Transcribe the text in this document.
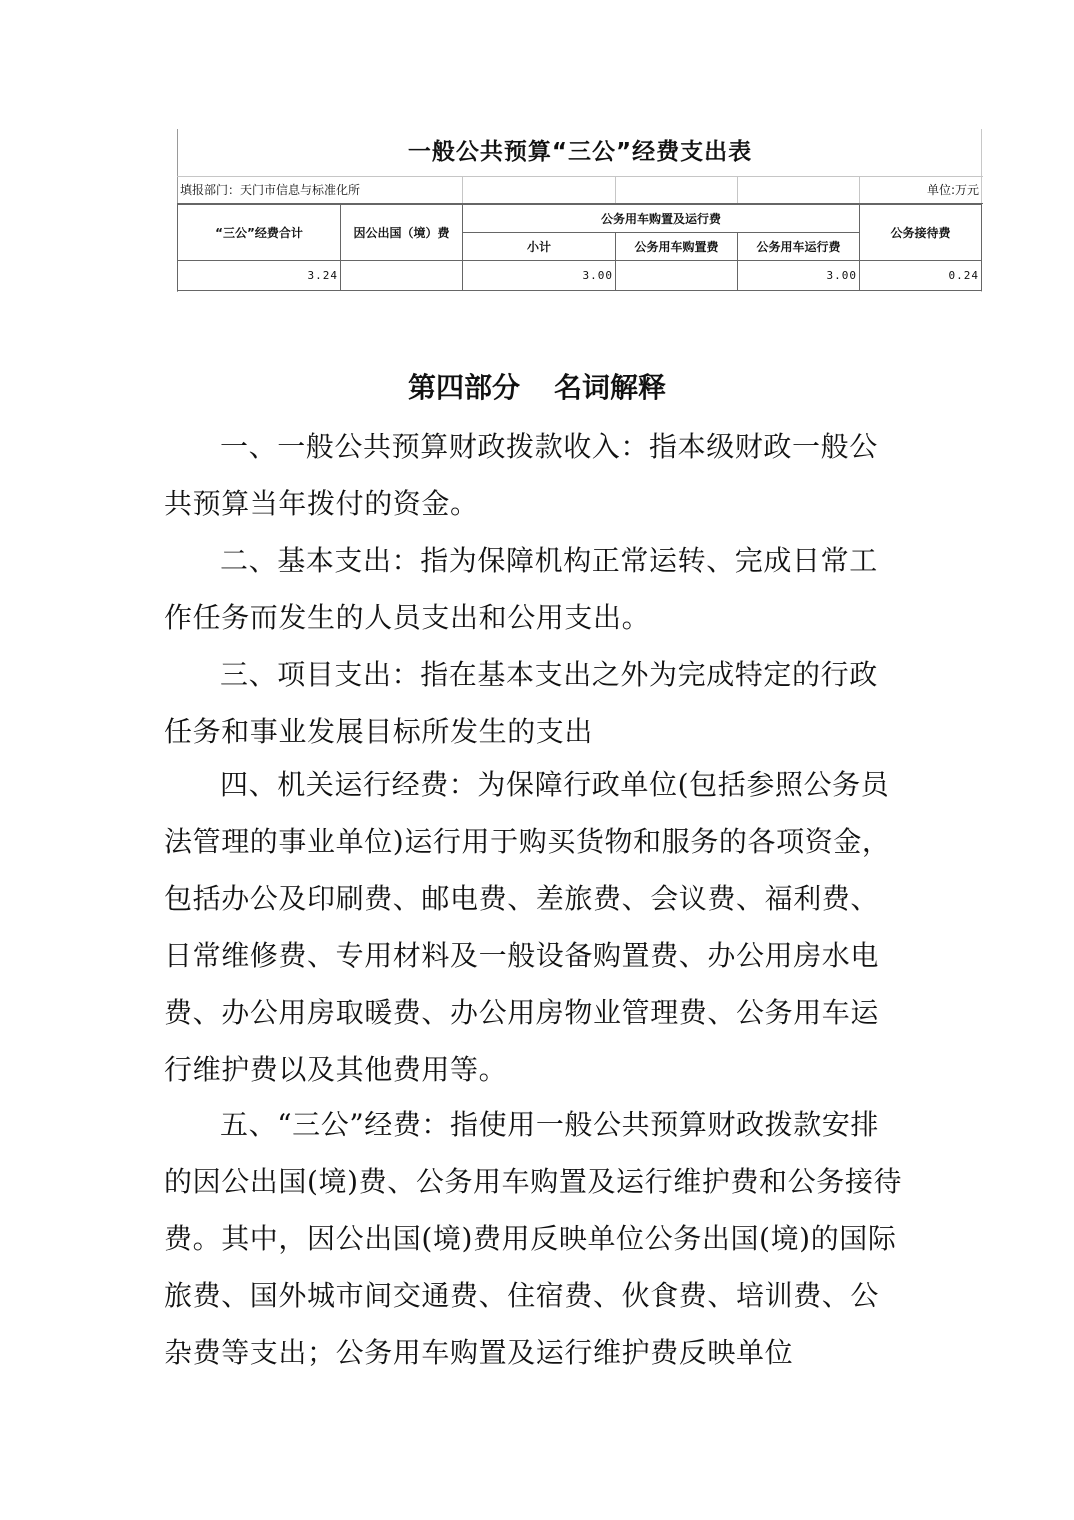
一般公共预算“三公”经费支出表
填报部门：天门市信息与标准化所	单位:万元
“三公”经费合计	因公出国（境）费	公务用车购置及运行费			公务接待费
		小计	公务用车购置费	公务用车运行费	
3.24		3.00		3.00	0.24
第四部分 名词解释

一、一般公共预算财政拨款收入：指本级财政一般公共预算当年拨付的资金。

二、基本支出：指为保障机构正常运转、完成日常工作任务而发生的人员支出和公用支出。

三、项目支出：指在基本支出之外为完成特定的行政任务和事业发展目标所发生的支出

四、机关运行经费：为保障行政单位(包括参照公务员法管理的事业单位)运行用于购买货物和服务的各项资金，包括办公及印刷费、邮电费、差旅费、会议费、福利费、日常维修费、专用材料及一般设备购置费、办公用房水电费、办公用房取暖费、办公用房物业管理费、公务用车运行维护费以及其他费用等。

五、“三公”经费：指使用一般公共预算财政拨款安排的因公出国(境)费、公务用车购置及运行维护费和公务接待费。其中，因公出国(境)费用反映单位公务出国(境)的国际旅费、国外城市间交通费、住宿费、伙食费、培训费、公杂费等支出；公务用车购置及运行维护费反映单位
